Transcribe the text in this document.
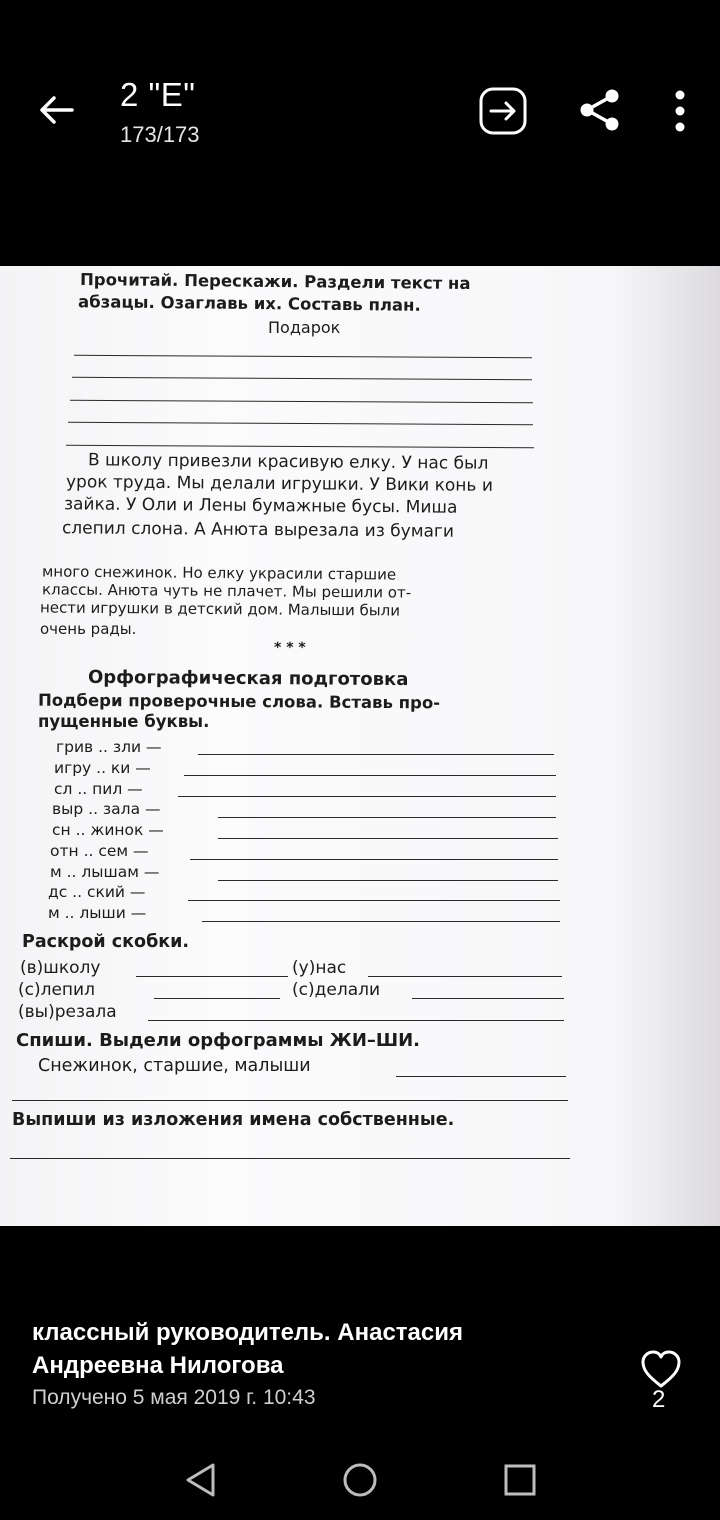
2 "Е"
173/173
Прочитай. Перескажи. Раздели текст на
абзацы. Озаглавь их. Составь план.
Подарок
В школу привезли красивую елку. У нас был
урок труда. Мы делали игрушки. У Вики конь и
зайка. У Оли и Лены бумажные бусы. Миша
слепил слона. А Анюта вырезала из бумаги
много снежинок. Но елку украсили старшие
классы. Анюта чуть не плачет. Мы решили от-
нести игрушки в детский дом. Малыши были
очень рады.
* * *
Орфографическая подготовка
Подбери проверочные слова. Вставь про-
пущенные буквы.
грив .. зли —
игру .. ки —
сл .. пил —
выр .. зала —
сн .. жинок —
отн .. сем —
м .. лышам —
дс .. ский —
м .. лыши —
Раскрой скобки.
(в)школу	(у)нас
(с)лепил	(с)делали
(вы)резала
Спиши. Выдели орфограммы ЖИ–ШИ.
Снежинок, старшие, малыши
Выпиши из изложения имена собственные.
классный руководитель. Анастасия Андреевна Нилогова
Получено 5 мая 2019 г. 10:43	2
